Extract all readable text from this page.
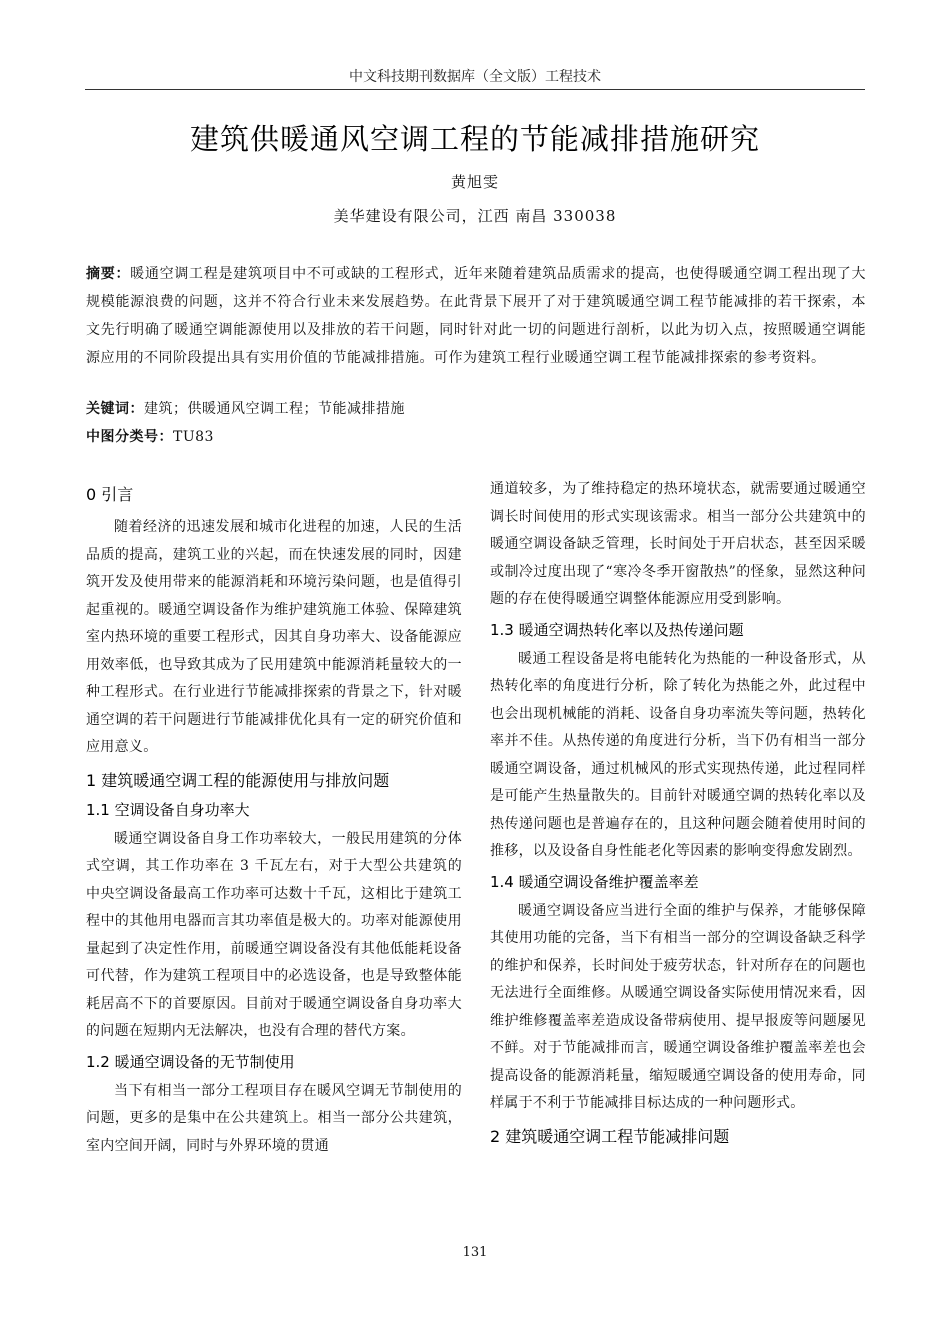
中文科技期刊数据库（全文版）工程技术
建筑供暖通风空调工程的节能减排措施研究
黄旭雯
美华建设有限公司，江西 南昌 330038
摘要：暖通空调工程是建筑项目中不可或缺的工程形式，近年来随着建筑品质需求的提高，也使得暖通空调工程出现了大规模能源浪费的问题，这并不符合行业未来发展趋势。在此背景下展开了对于建筑暖通空调工程节能减排的若干探索，本文先行明确了暖通空调能源使用以及排放的若干问题，同时针对此一切的问题进行剖析，以此为切入点，按照暖通空调能源应用的不同阶段提出具有实用价值的节能减排措施。可作为建筑工程行业暖通空调工程节能减排探索的参考资料。
关键词：建筑；供暖通风空调工程；节能减排措施
中图分类号：TU83
0 引言

随着经济的迅速发展和城市化进程的加速，人民的生活品质的提高，建筑工业的兴起，而在快速发展的同时，因建筑开发及使用带来的能源消耗和环境污染问题，也是值得引起重视的。暖通空调设备作为维护建筑施工体验、保障建筑室内热环境的重要工程形式，因其自身功率大、设备能源应用效率低，也导致其成为了民用建筑中能源消耗量较大的一种工程形式。在行业进行节能减排探索的背景之下，针对暖通空调的若干问题进行节能减排优化具有一定的研究价值和应用意义。

1 建筑暖通空调工程的能源使用与排放问题
1.1 空调设备自身功率大

暖通空调设备自身工作功率较大，一般民用建筑的分体式空调，其工作功率在 3 千瓦左右，对于大型公共建筑的中央空调设备最高工作功率可达数十千瓦，这相比于建筑工程中的其他用电器而言其功率值是极大的。功率对能源使用量起到了决定性作用，前暖通空调设备没有其他低能耗设备可代替，作为建筑工程项目中的必选设备，也是导致整体能耗居高不下的首要原因。目前对于暖通空调设备自身功率大的问题在短期内无法解决，也没有合理的替代方案。

1.2 暖通空调设备的无节制使用

当下有相当一部分工程项目存在暖风空调无节制使用的问题，更多的是集中在公共建筑上。相当一部分公共建筑，室内空间开阔，同时与外界环境的贯通

通道较多，为了维持稳定的热环境状态，就需要通过暖通空调长时间使用的形式实现该需求。相当一部分公共建筑中的暖通空调设备缺乏管理，长时间处于开启状态，甚至因采暖或制冷过度出现了“寒冷冬季开窗散热”的怪象，显然这种问题的存在使得暖通空调整体能源应用受到影响。

1.3 暖通空调热转化率以及热传递问题

暖通工程设备是将电能转化为热能的一种设备形式，从热转化率的角度进行分析，除了转化为热能之外，此过程中也会出现机械能的消耗、设备自身功率流失等问题，热转化率并不佳。从热传递的角度进行分析，当下仍有相当一部分暖通空调设备，通过机械风的形式实现热传递，此过程同样是可能产生热量散失的。目前针对暖通空调的热转化率以及热传递问题也是普遍存在的，且这种问题会随着使用时间的推移，以及设备自身性能老化等因素的影响变得愈发剧烈。

1.4 暖通空调设备维护覆盖率差

暖通空调设备应当进行全面的维护与保养，才能够保障其使用功能的完备，当下有相当一部分的空调设备缺乏科学的维护和保养，长时间处于疲劳状态，针对所存在的问题也无法进行全面维修。从暖通空调设备实际使用情况来看，因维护维修覆盖率差造成设备带病使用、提早报废等问题屡见不鲜。对于节能减排而言，暖通空调设备维护覆盖率差也会提高设备的能源消耗量，缩短暖通空调设备的使用寿命，同样属于不利于节能减排目标达成的一种问题形式。

2 建筑暖通空调工程节能减排问题
131
